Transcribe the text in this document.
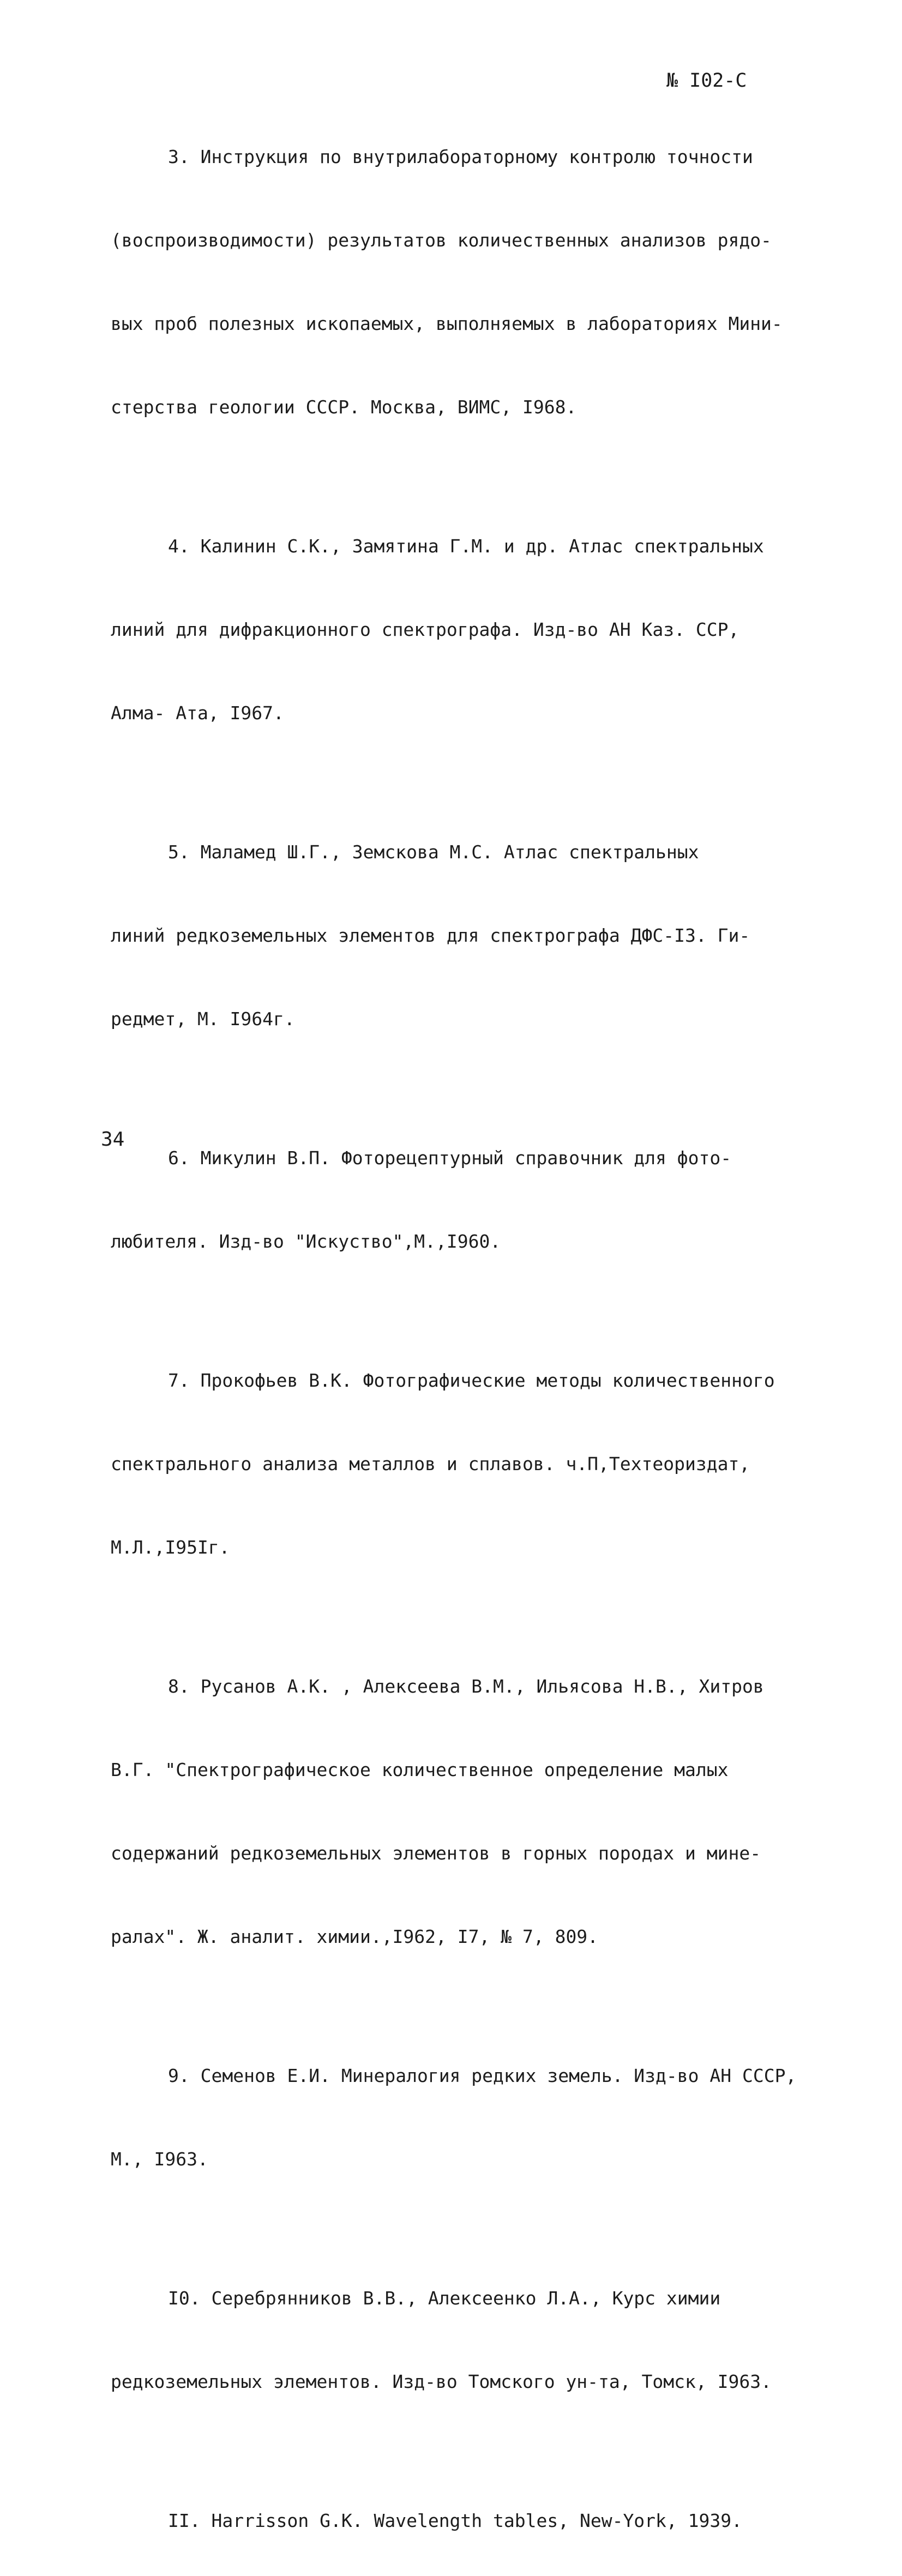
№ I02-С

3. Инструкция по внутрилабораторному контролю точности

(воспроизводимости) результатов количественных анализов рядо-

вых проб полезных ископаемых, выполняемых в лабораториях Мини-

стерства геологии СССР. Москва, ВИМС, I968.

4. Калинин С.К., Замятина Г.М. и др. Атлас спектральных

линий для дифракционного спектрографа. Изд-во АН Каз. ССР,

Алма- Ата, I967.

5. Маламед Ш.Г., Земскова М.С. Атлас спектральных

линий редкоземельных элементов для спектрографа ДФС-I3. Ги-

редмет, М. I964г.

6. Микулин В.П. Фоторецептурный справочник для фото-

любителя. Изд-во "Искуство",М.,I960.

7. Прокофьев В.К. Фотографические методы количественного

спектрального анализа металлов и сплавов. ч.П,Техтеориздат,

М.Л.,I95Iг.

8. Русанов А.К. , Алексеева В.М., Ильясова Н.В., Хитров

В.Г. "Спектрографическое количественное определение малых

содержаний редкоземельных элементов в горных породах и мине-

ралах". Ж. аналит. химии.,I962, I7, № 7, 809.

9. Семенов Е.И. Минералогия редких земель. Изд-во АН СССР,

М., I963.

I0. Серебрянников В.В., Алексеенко Л.А., Курс химии

редкоземельных элементов. Изд-во Томского ун-та, Томск, I963.

II. Harrisson G.K. Wavelength tables, New-York, 1939.

34
